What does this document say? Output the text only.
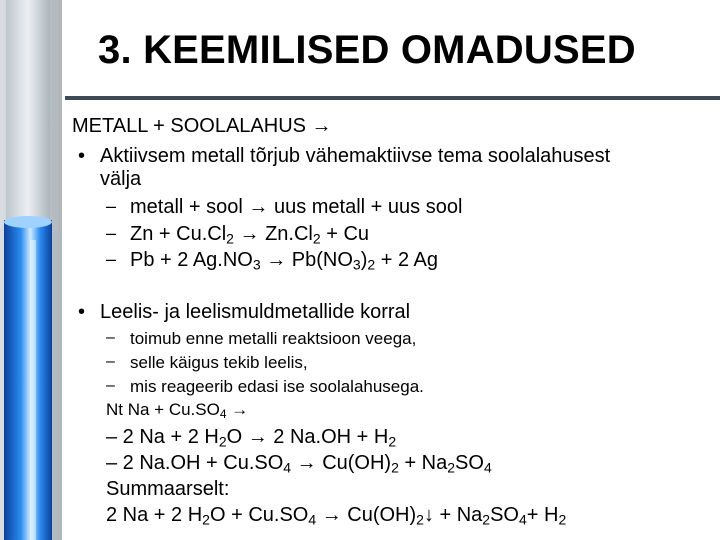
3. KEEMILISED OMADUSED
METALL + SOOLALAHUS →
• Aktiivsem metall tõrjub vähemaktiivse tema soolalahusest
välja
– metall + sool → uus metall + uus sool
– $Zn + Cu.Cl_2 \to Zn.Cl_2 + Cu$
– Pb + 2 $Ag.NO_3 \to Pb(NO_3)_2 + 2$ Ag
• Leelis- ja leelismuldmetallide korral
– toimub enne metalli reaktsioon veega,
– selle käigus tekib leelis,
– mis reageerib edasi ise soolalahusega.
Nt $Na + Cu.SO_4$ →
– 2 Na + 2 $H_2O \to 2$ $Na.OH + H_2$
– 2 $Na.OH + Cu.SO_4 \to Cu(OH)_2 + Na_2SO_4$
Summaarselt:
2 Na + 2 $H_2O + Cu.SO_4$ → $Cu(OH)_2↓ + Na_2SO_4+ H_2$
